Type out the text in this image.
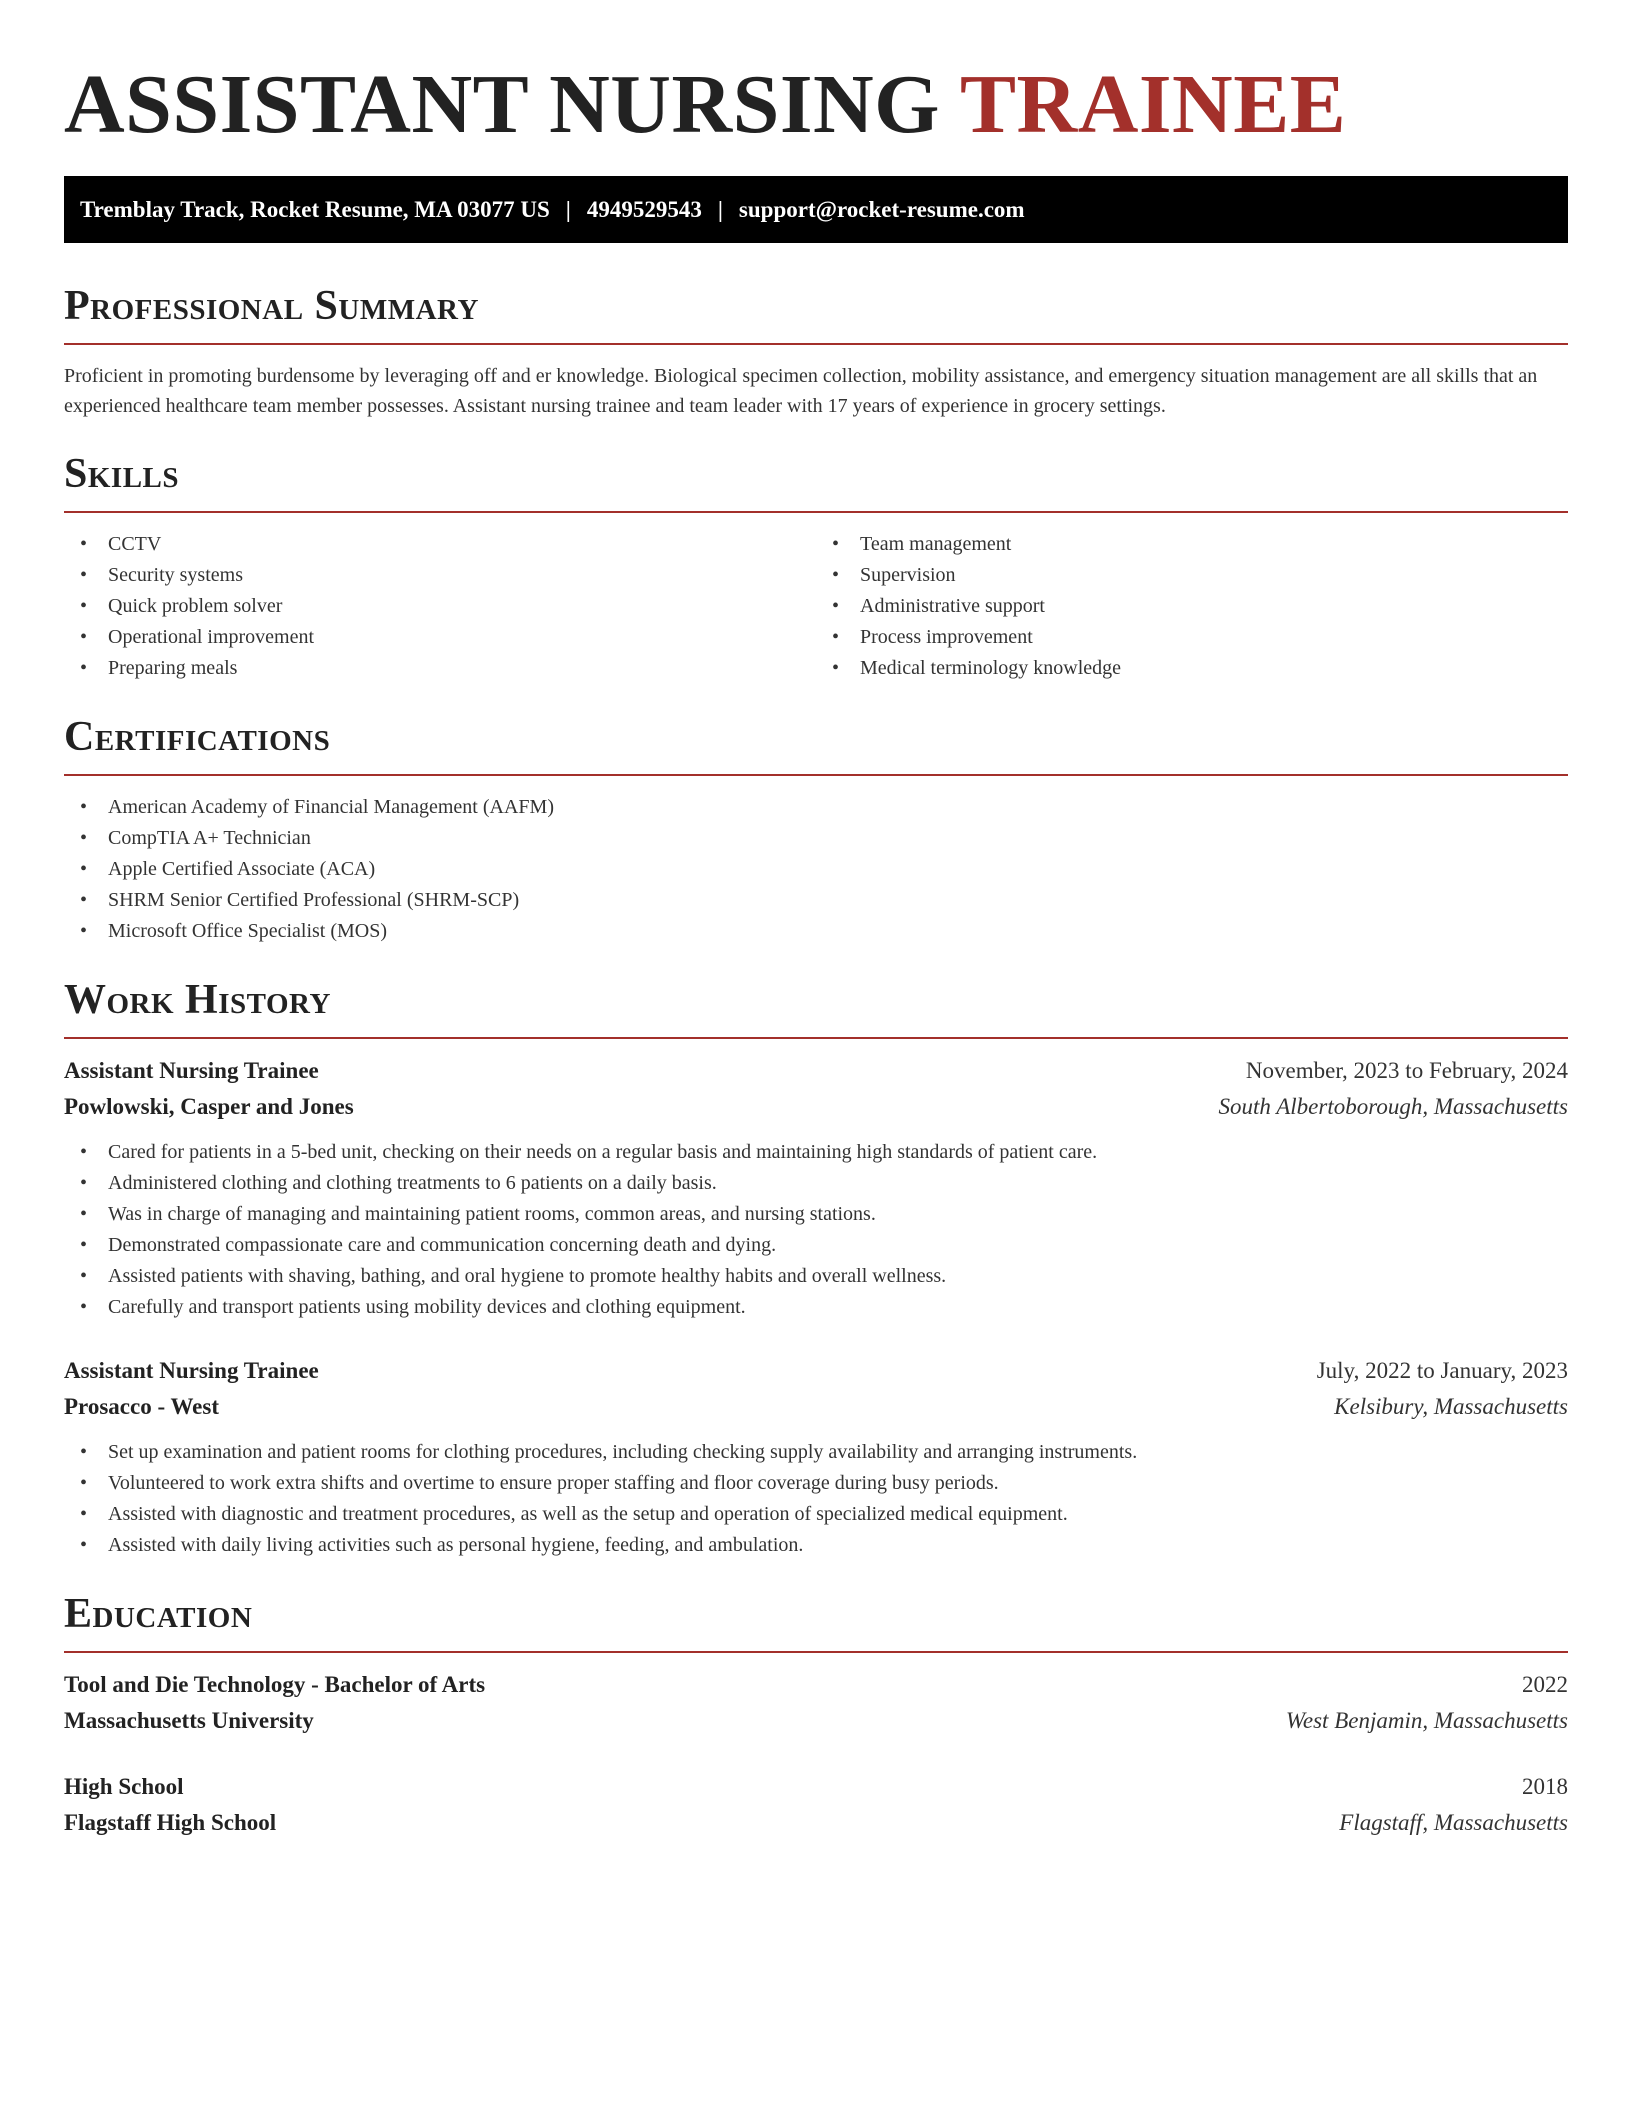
ASSISTANT NURSING TRAINEE
Tremblay Track, Rocket Resume, MA 03077 US | 4949529543 | support@rocket-resume.com
Professional Summary

Proficient in promoting burdensome by leveraging off and er knowledge. Biological specimen collection, mobility assistance, and emergency situation management are all skills that an experienced healthcare team member possesses. Assistant nursing trainee and team leader with 17 years of experience in grocery settings.

Skills
• CCTV
• Security systems
• Quick problem solver
• Operational improvement
• Preparing meals
• Team management
• Supervision
• Administrative support
• Process improvement
• Medical terminology knowledge
Certifications
• American Academy of Financial Management (AAFM)
• CompTIA A+ Technician
• Apple Certified Associate (ACA)
• SHRM Senior Certified Professional (SHRM-SCP)
• Microsoft Office Specialist (MOS)
Work History
Assistant Nursing Trainee	November, 2023 to February, 2024
Powlowski, Casper and Jones	South Albertoborough, Massachusetts
• Cared for patients in a 5-bed unit, checking on their needs on a regular basis and maintaining high standards of patient care.
• Administered clothing and clothing treatments to 6 patients on a daily basis.
• Was in charge of managing and maintaining patient rooms, common areas, and nursing stations.
• Demonstrated compassionate care and communication concerning death and dying.
• Assisted patients with shaving, bathing, and oral hygiene to promote healthy habits and overall wellness.
• Carefully and transport patients using mobility devices and clothing equipment.
Assistant Nursing Trainee	July, 2022 to January, 2023
Prosacco - West	Kelsibury, Massachusetts
• Set up examination and patient rooms for clothing procedures, including checking supply availability and arranging instruments.
• Volunteered to work extra shifts and overtime to ensure proper staffing and floor coverage during busy periods.
• Assisted with diagnostic and treatment procedures, as well as the setup and operation of specialized medical equipment.
• Assisted with daily living activities such as personal hygiene, feeding, and ambulation.
Education
Tool and Die Technology - Bachelor of Arts	2022
Massachusetts University	West Benjamin, Massachusetts
High School	2018
Flagstaff High School	Flagstaff, Massachusetts
